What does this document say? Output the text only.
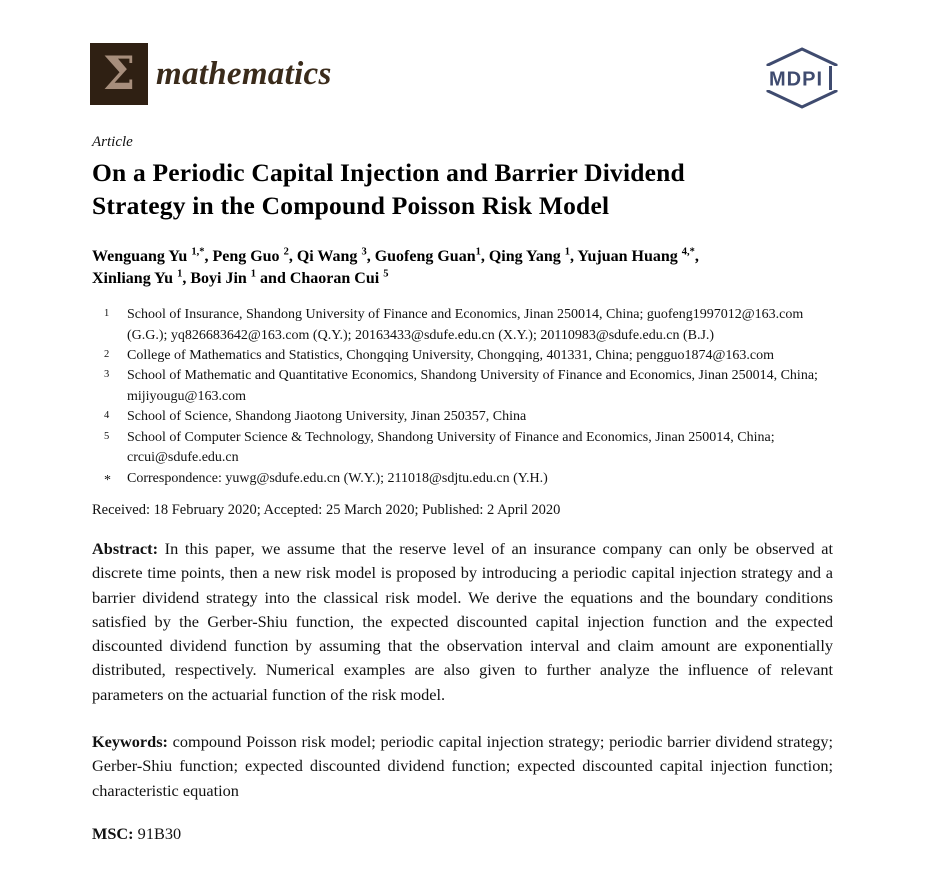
Σ mathematics	MDPI
Article
On a Periodic Capital Injection and Barrier Dividend
Strategy in the Compound Poisson Risk Model

Wenguang Yu $^{1,*}$, Peng Guo $^2$, Qi Wang $^3$, Guofeng Guan$^1$, Qing Yang $^1$, Yujuan Huang $^{4,*}$,
Xinliang Yu $^1$, Boyi Jin $^1$ and Chaoran Cui $^5$

1	School of Insurance, Shandong University of Finance and Economics, Jinan 250014, China; guofeng1997012@163.com (G.G.); yq826683642@163.com (Q.Y.); 20163433@sdufe.edu.cn (X.Y.); 20110983@sdufe.edu.cn (B.J.)
2	College of Mathematics and Statistics, Chongqing University, Chongqing, 401331, China; pengguo1874@163.com
3	School of Mathematic and Quantitative Economics, Shandong University of Finance and Economics, Jinan 250014, China; mijiyougu@163.com
4	School of Science, Shandong Jiaotong University, Jinan 250357, China
5	School of Computer Science & Technology, Shandong University of Finance and Economics, Jinan 250014, China; crcui@sdufe.edu.cn
*	Correspondence: yuwg@sdufe.edu.cn (W.Y.); 211018@sdjtu.edu.cn (Y.H.)
Received: 18 February 2020; Accepted: 25 March 2020; Published: 2 April 2020

Abstract: In this paper, we assume that the reserve level of an insurance company can only be observed at discrete time points, then a new risk model is proposed by introducing a periodic capital injection strategy and a barrier dividend strategy into the classical risk model. We derive the equations and the boundary conditions satisfied by the Gerber-Shiu function, the expected discounted capital injection function and the expected discounted dividend function by assuming that the observation interval and claim amount are exponentially distributed, respectively. Numerical examples are also given to further analyze the influence of relevant parameters on the actuarial function of the risk model.

Keywords: compound Poisson risk model; periodic capital injection strategy; periodic barrier dividend strategy; Gerber-Shiu function; expected discounted dividend function; expected discounted capital injection function; characteristic equation

MSC: 91B30
